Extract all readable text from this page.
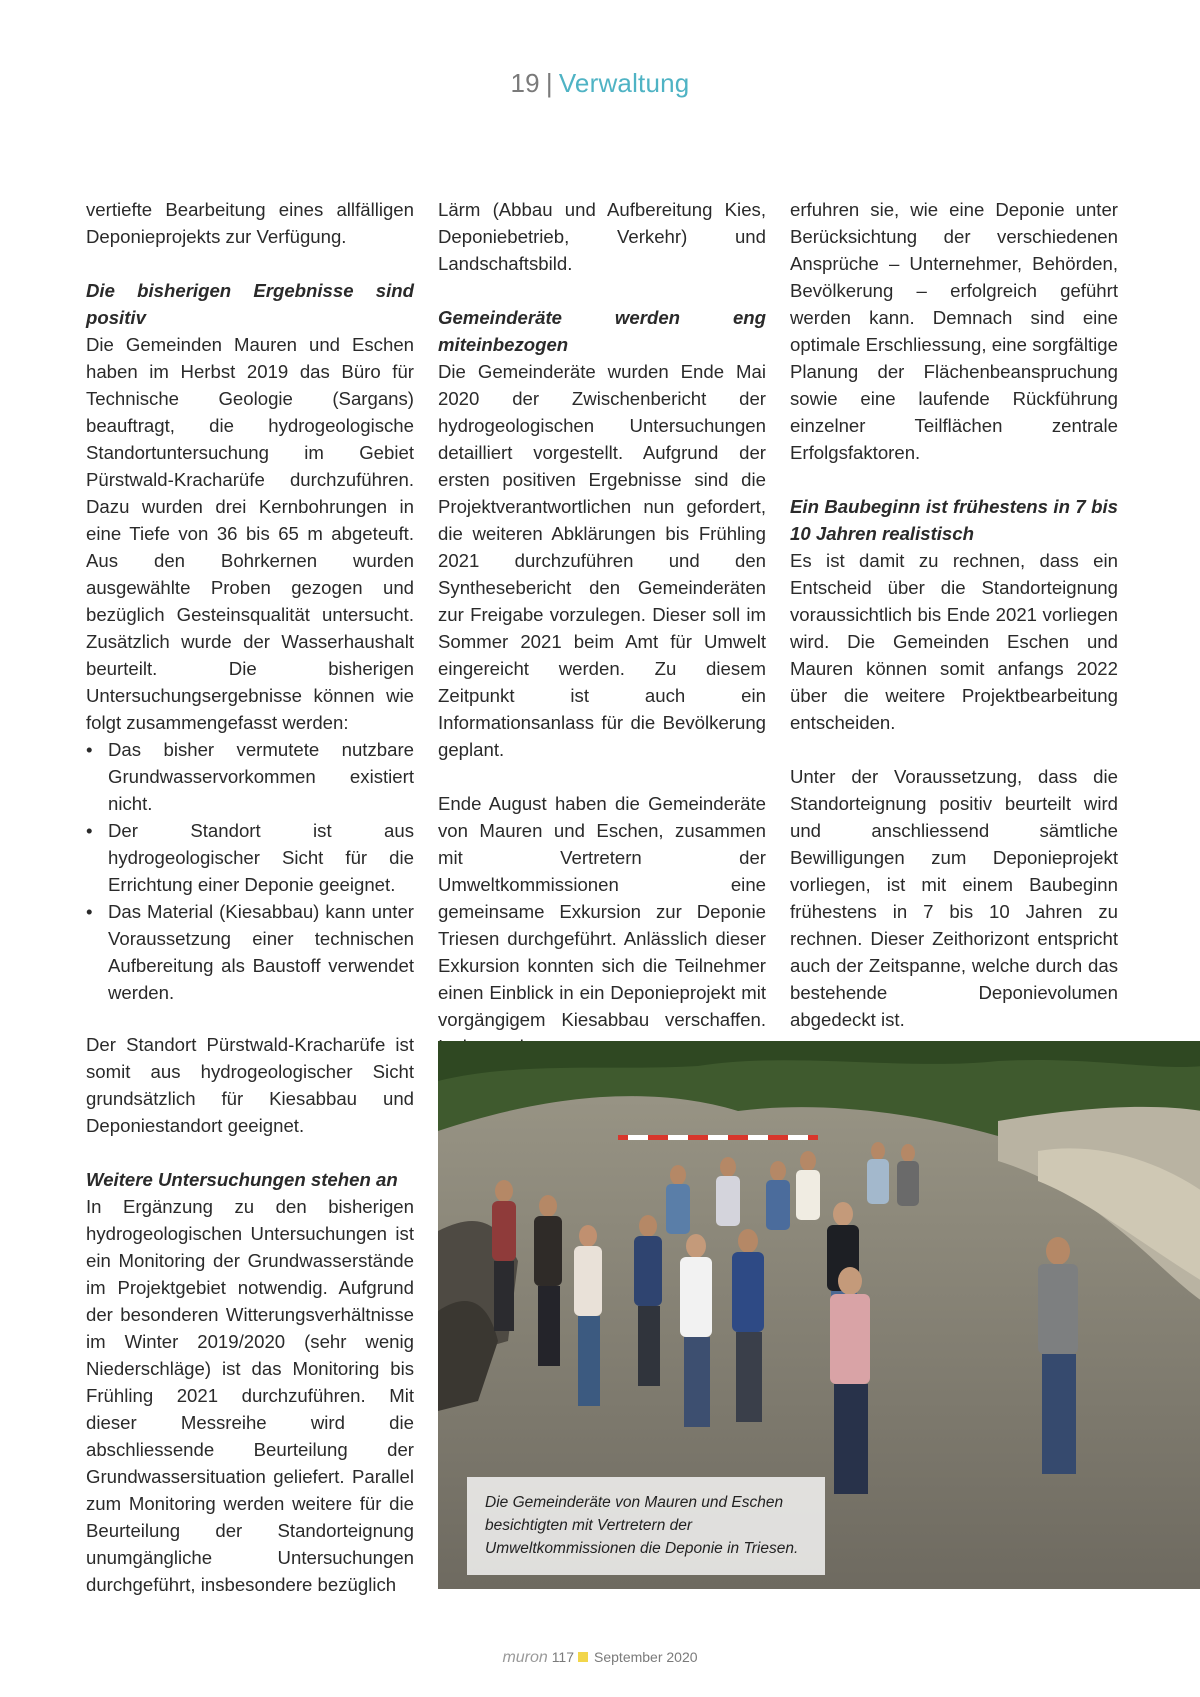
19 | Verwaltung

vertiefte Bearbeitung eines allfälligen Deponieprojekts zur Verfügung.

Die bisherigen Ergebnisse sind positiv

Die Gemeinden Mauren und Eschen haben im Herbst 2019 das Büro für Technische Geologie (Sargans) beauftragt, die hydrogeologische Standortuntersuchung im Gebiet Pürstwald-Kracharüfe durchzuführen. Dazu wurden drei Kernbohrungen in eine Tiefe von 36 bis 65 m abgeteuft. Aus den Bohrkernen wurden ausgewählte Proben gezogen und bezüglich Gesteinsqualität untersucht. Zusätzlich wurde der Wasserhaushalt beurteilt. Die bisherigen Untersuchungsergebnisse können wie folgt zusammengefasst werden:

• Das bisher vermutete nutzbare Grundwasservorkommen existiert nicht.
• Der Standort ist aus hydrogeologischer Sicht für die Errichtung einer Deponie geeignet.
• Das Material (Kiesabbau) kann unter Voraussetzung einer technischen Aufbereitung als Baustoff verwendet werden.

Der Standort Pürstwald-Kracharüfe ist somit aus hydrogeologischer Sicht grundsätzlich für Kiesabbau und Deponiestandort geeignet.

Weitere Untersuchungen stehen an

In Ergänzung zu den bisherigen hydrogeologischen Untersuchungen ist ein Monitoring der Grundwasserstände im Projektgebiet notwendig. Aufgrund der besonderen Witterungsverhältnisse im Winter 2019/2020 (sehr wenig Niederschläge) ist das Monitoring bis Frühling 2021 durchzuführen. Mit dieser Messreihe wird die abschliessende Beurteilung der Grundwassersituation geliefert. Parallel zum Monitoring werden weitere für die Beurteilung der Standorteignung unumgängliche Untersuchungen durchgeführt, insbesondere bezüglich

Lärm (Abbau und Aufbereitung Kies, Deponiebetrieb, Verkehr) und Landschaftsbild.

Gemeinderäte werden eng miteinbezogen

Die Gemeinderäte wurden Ende Mai 2020 der Zwischenbericht der hydrogeologischen Untersuchungen detailliert vorgestellt. Aufgrund der ersten positiven Ergebnisse sind die Projektverantwortlichen nun gefordert, die weiteren Abklärungen bis Frühling 2021 durchzuführen und den Synthesebericht den Gemeinderäten zur Freigabe vorzulegen. Dieser soll im Sommer 2021 beim Amt für Umwelt eingereicht werden. Zu diesem Zeitpunkt ist auch ein Informationsanlass für die Bevölkerung geplant.

Ende August haben die Gemeinderäte von Mauren und Eschen, zusammen mit Vertretern der Umweltkommissionen eine gemeinsame Exkursion zur Deponie Triesen durchgeführt. Anlässlich dieser Exkursion konnten sich die Teilnehmer einen Einblick in ein Deponieprojekt mit vorgängigem Kiesabbau verschaffen.

erfuhren sie, wie eine Deponie unter Berücksichtung der verschiedenen Ansprüche – Unternehmer, Behörden, Bevölkerung – erfolgreich geführt werden kann. Demnach sind eine optimale Erschliessung, eine sorgfältige Planung der Flächenbeanspruchung sowie eine laufende Rückführung einzelner Teilflächen zentrale Erfolgsfaktoren.

Ein Baubeginn ist frühestens in 7 bis 10 Jahren realistisch

Es ist damit zu rechnen, dass ein Entscheid über die Standorteignung voraussichtlich bis Ende 2021 vorliegen wird. Die Gemeinden Eschen und Mauren können somit anfangs 2022 über die weitere Projektbearbeitung entscheiden.

Unter der Voraussetzung, dass die Standorteignung positiv beurteilt wird und anschliessend sämtliche Bewilligungen zum Deponieprojekt vorliegen, ist mit einem Baubeginn frühestens in 7 bis 10 Jahren zu rechnen. Dieser Zeithorizont entspricht auch der Zeitspanne, welche durch das bestehende Deponievolumen abgedeckt ist.

Die Gemeinderäte von Mauren und Eschen besichtigten mit Vertretern der Umweltkommissionen die Deponie in Triesen.
muron 117 September 2020
